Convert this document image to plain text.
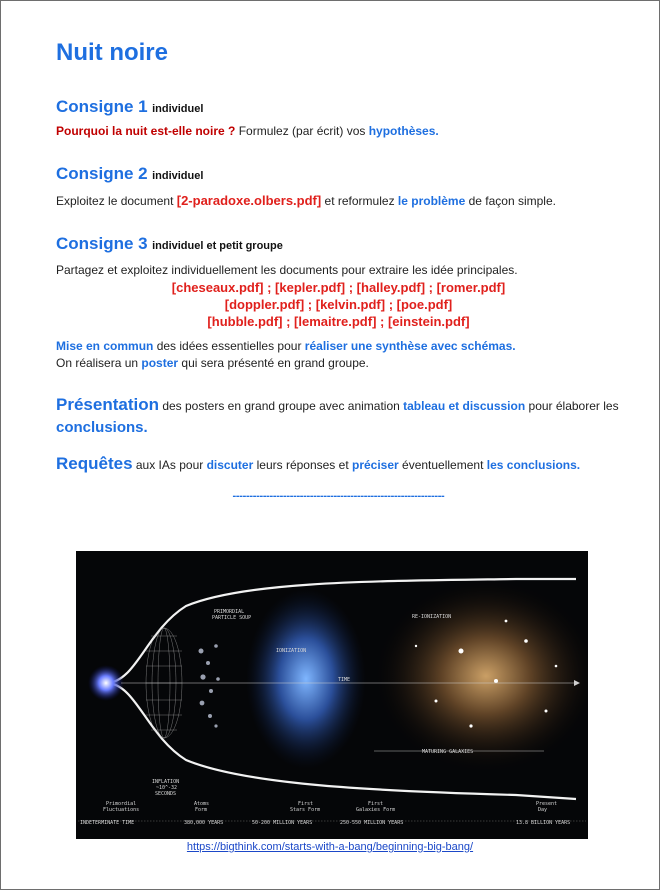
Nuit noire
Consigne 1 individuel

Pourquoi la nuit est-elle noire ? Formulez (par écrit) vos hypothèses.

Consigne 2 individuel

Exploitez le document [2-paradoxe.olbers.pdf] et reformulez le problème de façon simple.

Consigne 3 individuel et petit groupe

Partagez et exploitez individuellement les documents pour extraire les idée principales.

[cheseaux.pdf] ; [kepler.pdf] ; [halley.pdf] ; [romer.pdf]
[doppler.pdf] ; [kelvin.pdf] ; [poe.pdf]
[hubble.pdf] ; [lemaitre.pdf] ; [einstein.pdf]

Mise en commun des idées essentielles pour réaliser une synthèse avec schémas.

On réalisera un poster qui sera présenté en grand groupe.

Présentation des posters en grand groupe avec animation tableau et discussion pour élaborer les conclusions.
Requêtes aux IAs pour discuter leurs réponses et préciser éventuellement les conclusions.
---------------------------------------------------------------
TIME
PRIMORDIAL
PARTICLE SOUP
IONIZATION
RE-IONIZATION
MATURING GALAXIES
INFLATION
~10^-32
SECONDS
Primordial
Fluctuations
Atoms
Form
First
Stars Form
First
Galaxies Form
Present
Day
INDETERMINATE TIME	380,000 YEARS	50-200 MILLION YEARS	250-550 MILLION YEARS	13.8 BILLION YEARS
https://bigthink.com/starts-with-a-bang/beginning-big-bang/
